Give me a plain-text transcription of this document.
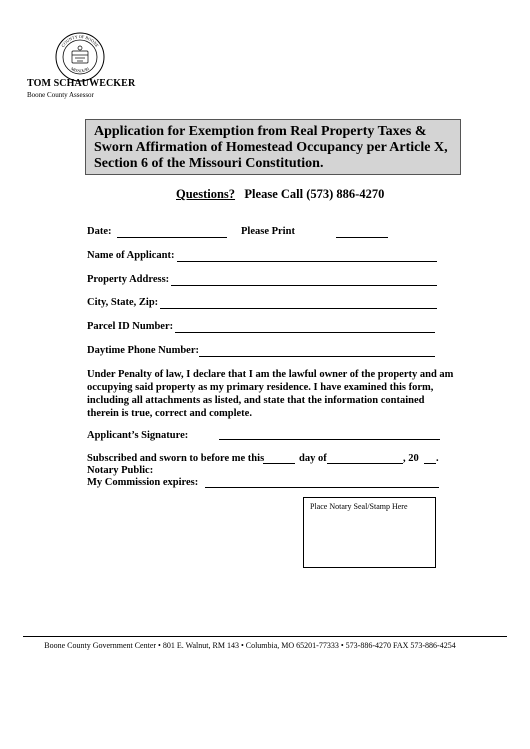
COUNTY OF BOONE
MISSOURI
TOM SCHAUWECKER
Boone County Assessor
Application for Exemption from Real Property Taxes & Sworn Affirmation of Homestead Occupancy per Article X, Section 6 of the Missouri Constitution.
Questions? Please Call (573) 886-4270
Date:	Please Print
Name of Applicant:
Property Address:
City, State, Zip:
Parcel ID Number:
Daytime Phone Number:
Under Penalty of law, I declare that I am the lawful owner of the property and am occupying said property as my primary residence. I have examined this form, including all attachments as listed, and state that the information contained therein is true, correct and complete.
Applicant’s Signature:
Subscribed and sworn to before me this	day of	, 20 .
Notary Public:
My Commission expires:
Place Notary Seal/Stamp Here
Boone County Government Center • 801 E. Walnut, RM 143 • Columbia, MO 65201-77333 • 573-886-4270 FAX 573-886-4254
